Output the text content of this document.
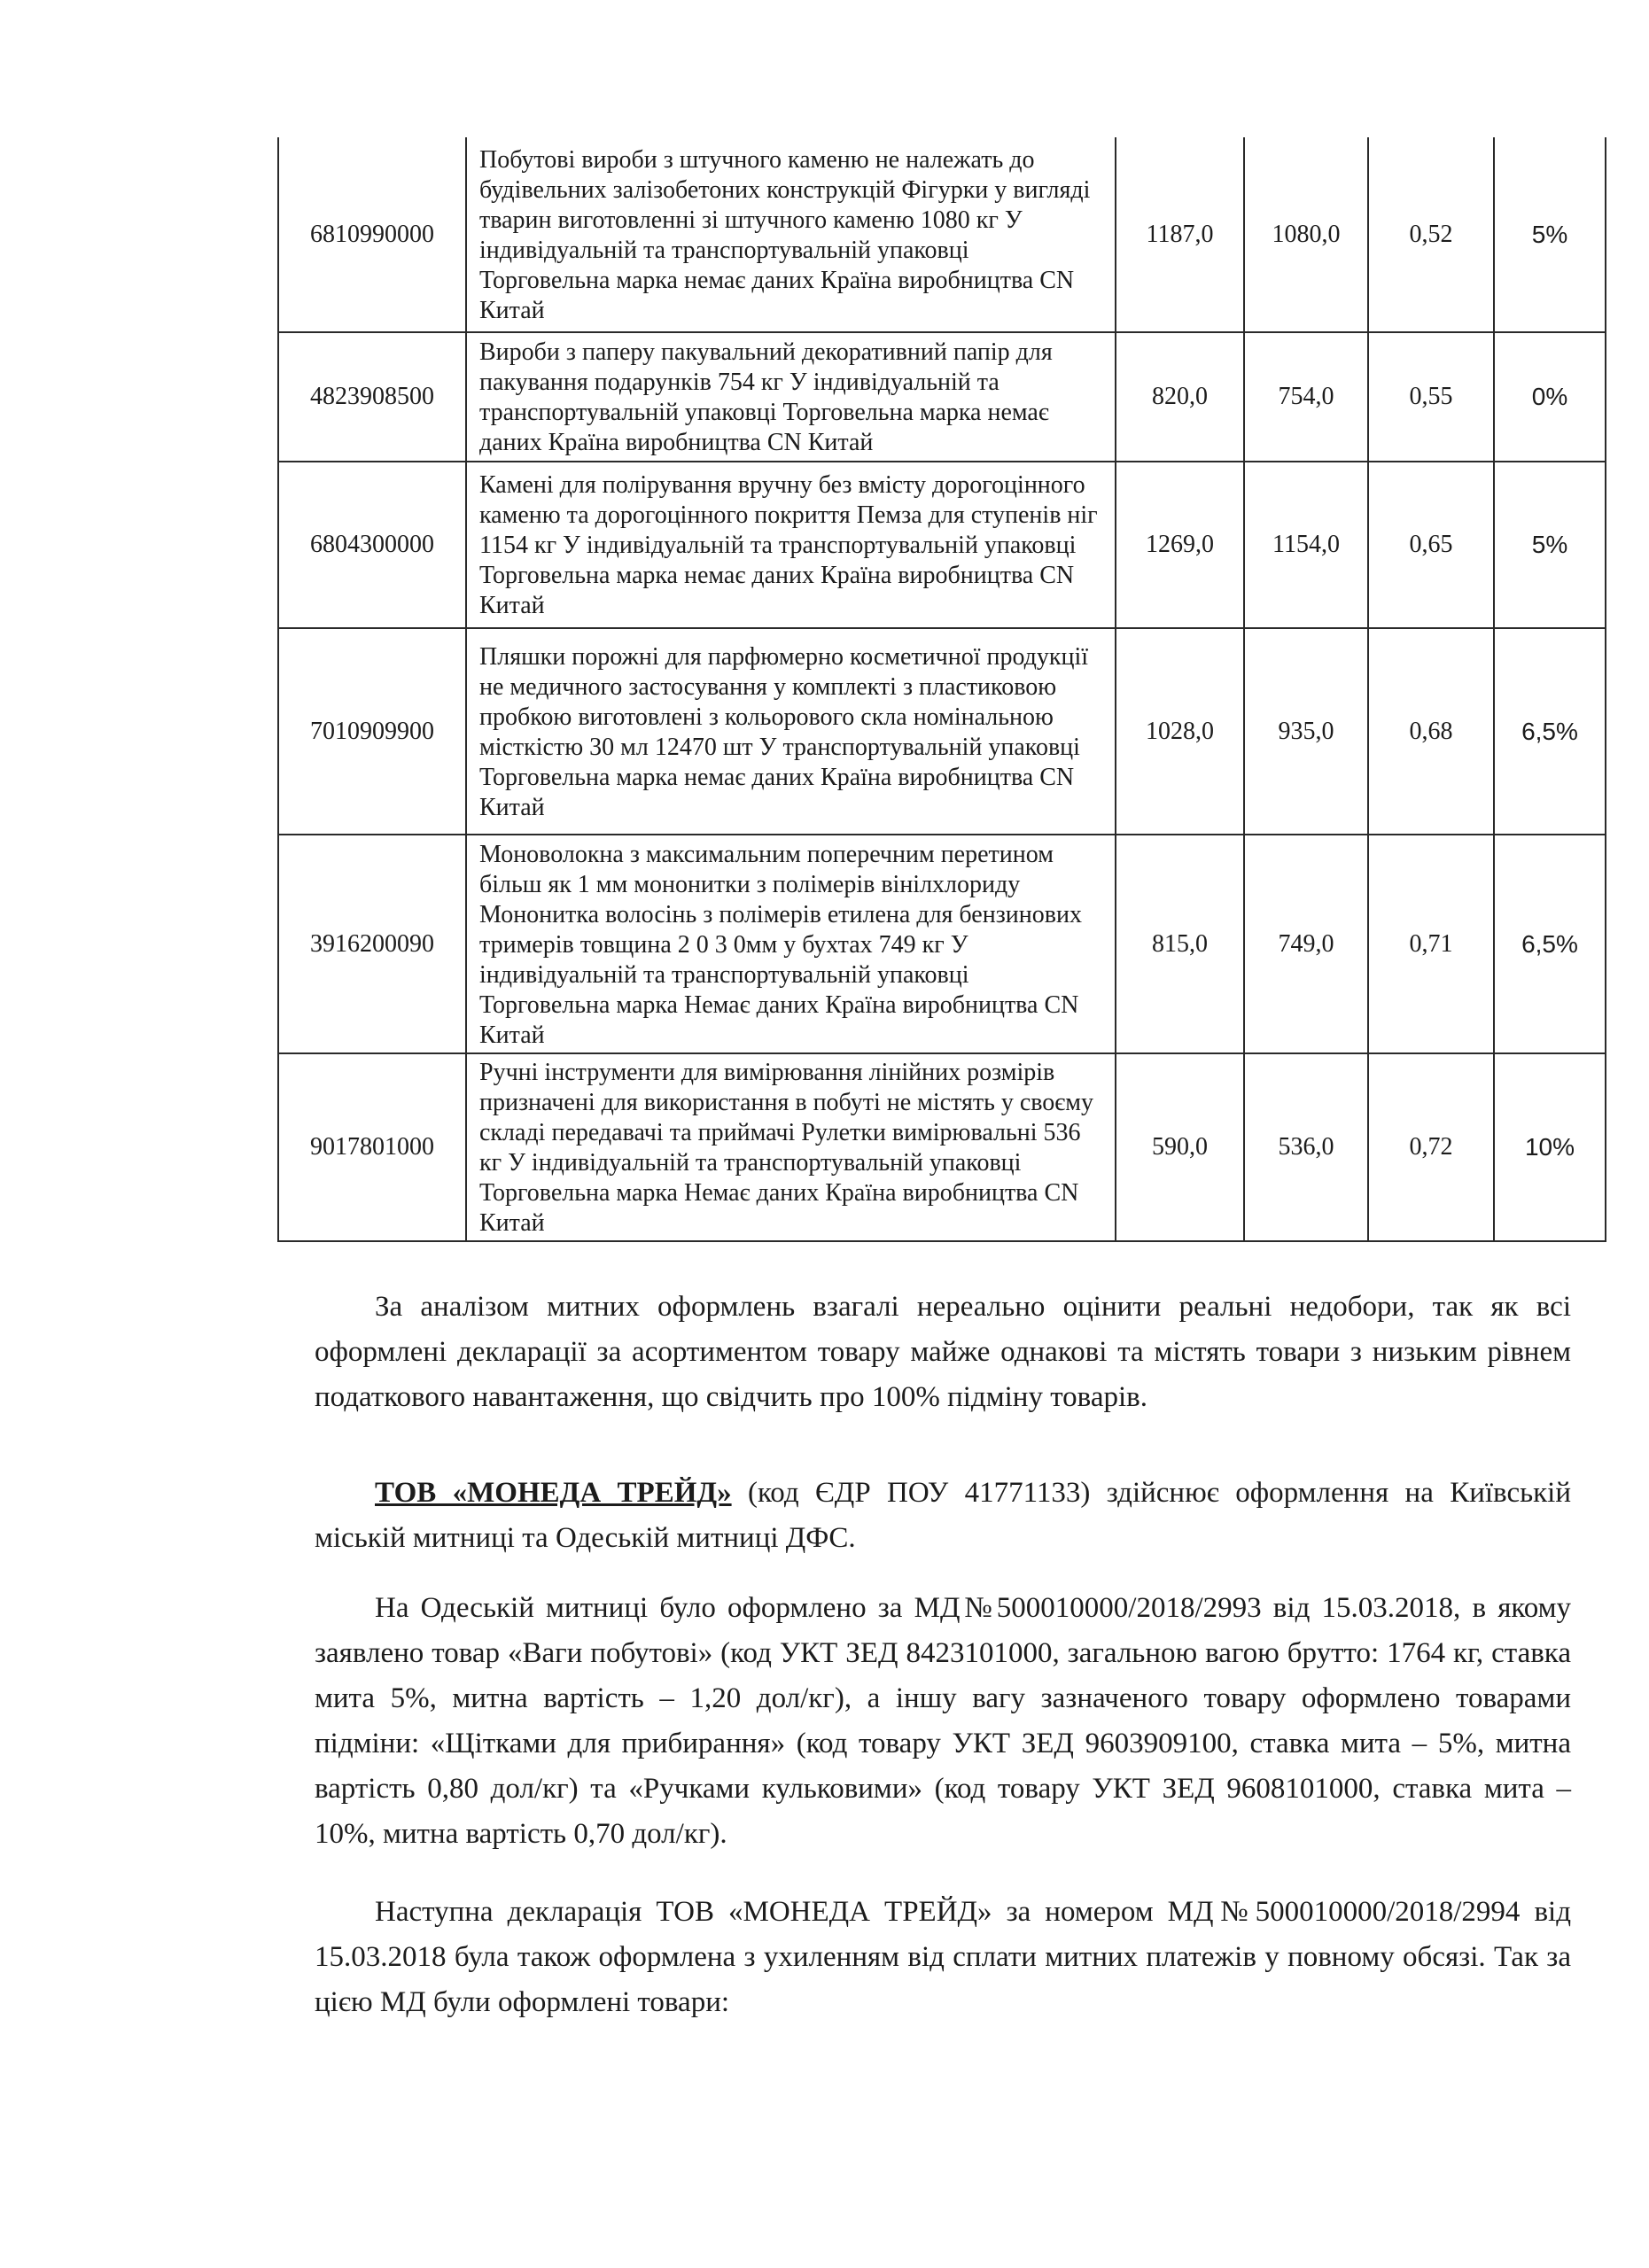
6810990000	Побутові вироби з штучного каменю не належать до будівельних залізобетоних конструкцій Фігурки у вигляді тварин виготовленні зі штучного каменю 1080 кг У індивідуальній та транспортувальній упаковці Торговельна марка немає даних Країна виробництва CN Китай	1187,0	1080,0	0,52	5%
4823908500	Вироби з паперу пакувальний декоративний папір для пакування подарунків 754 кг У індивідуальній та транспортувальній упаковці Торговельна марка немає даних Країна виробництва CN Китай	820,0	754,0	0,55	0%
6804300000	Камені для полірування вручну без вмісту дорогоцінного каменю та дорогоцінного покриття Пемза для ступенів ніг 1154 кг У індивідуальній та транспортувальній упаковці Торговельна марка немає даних Країна виробництва CN Китай	1269,0	1154,0	0,65	5%
7010909900	Пляшки порожні для парфюмерно косметичної продукції не медичного застосування у комплекті з пластиковою пробкою виготовлені з кольорового скла номінальною місткістю 30 мл 12470 шт У транспортувальній упаковці Торговельна марка немає даних Країна виробництва CN Китай	1028,0	935,0	0,68	6,5%
3916200090	Моноволокна з максимальним поперечним перетином більш як 1 мм мононитки з полімерів вінілхлориду Мононитка волосінь з полімерів етилена для бензинових тримерів товщина 2 0 3 0мм у бухтах 749 кг У індивідуальній та транспортувальній упаковці Торговельна марка Немає даних Країна виробництва CN Китай	815,0	749,0	0,71	6,5%
9017801000	Ручні інструменти для вимірювання лінійних розмірів призначені для використання в побуті не містять у своєму складі передавачі та приймачі Рулетки вимірювальні 536 кг У індивідуальній та транспортувальній упаковці Торговельна марка Немає даних Країна виробництва CN Китай	590,0	536,0	0,72	10%

За аналізом митних оформлень взагалі нереально оцінити реальні недобори, так як всі оформлені декларації за асортиментом товару майже однакові та містять товари з низьким рівнем податкового навантаження, що свідчить про 100% підміну товарів.

ТОВ «МОНЕДА ТРЕЙД» (код ЄДР ПОУ 41771133) здійснює оформлення на Київській міській митниці та Одеській митниці ДФС.

На Одеській митниці було оформлено за МД№500010000/2018/2993 від 15.03.2018, в якому заявлено товар «Ваги побутові» (код УКТ ЗЕД 8423101000, загальною вагою брутто: 1764 кг, ставка мита 5%, митна вартість – 1,20 дол/кг), а іншу вагу зазначеного товару оформлено товарами підміни: «Щітками для прибирання» (код товару УКТ ЗЕД 9603909100, ставка мита – 5%, митна вартість 0,80 дол/кг) та «Ручками кульковими» (код товару УКТ ЗЕД 9608101000, ставка мита – 10%, митна вартість 0,70 дол/кг).

Наступна декларація ТОВ «МОНЕДА ТРЕЙД» за номером МД№500010000/2018/2994 від 15.03.2018 була також оформлена з ухиленням від сплати митних платежів у повному обсязі. Так за цією МД були оформлені товари:
